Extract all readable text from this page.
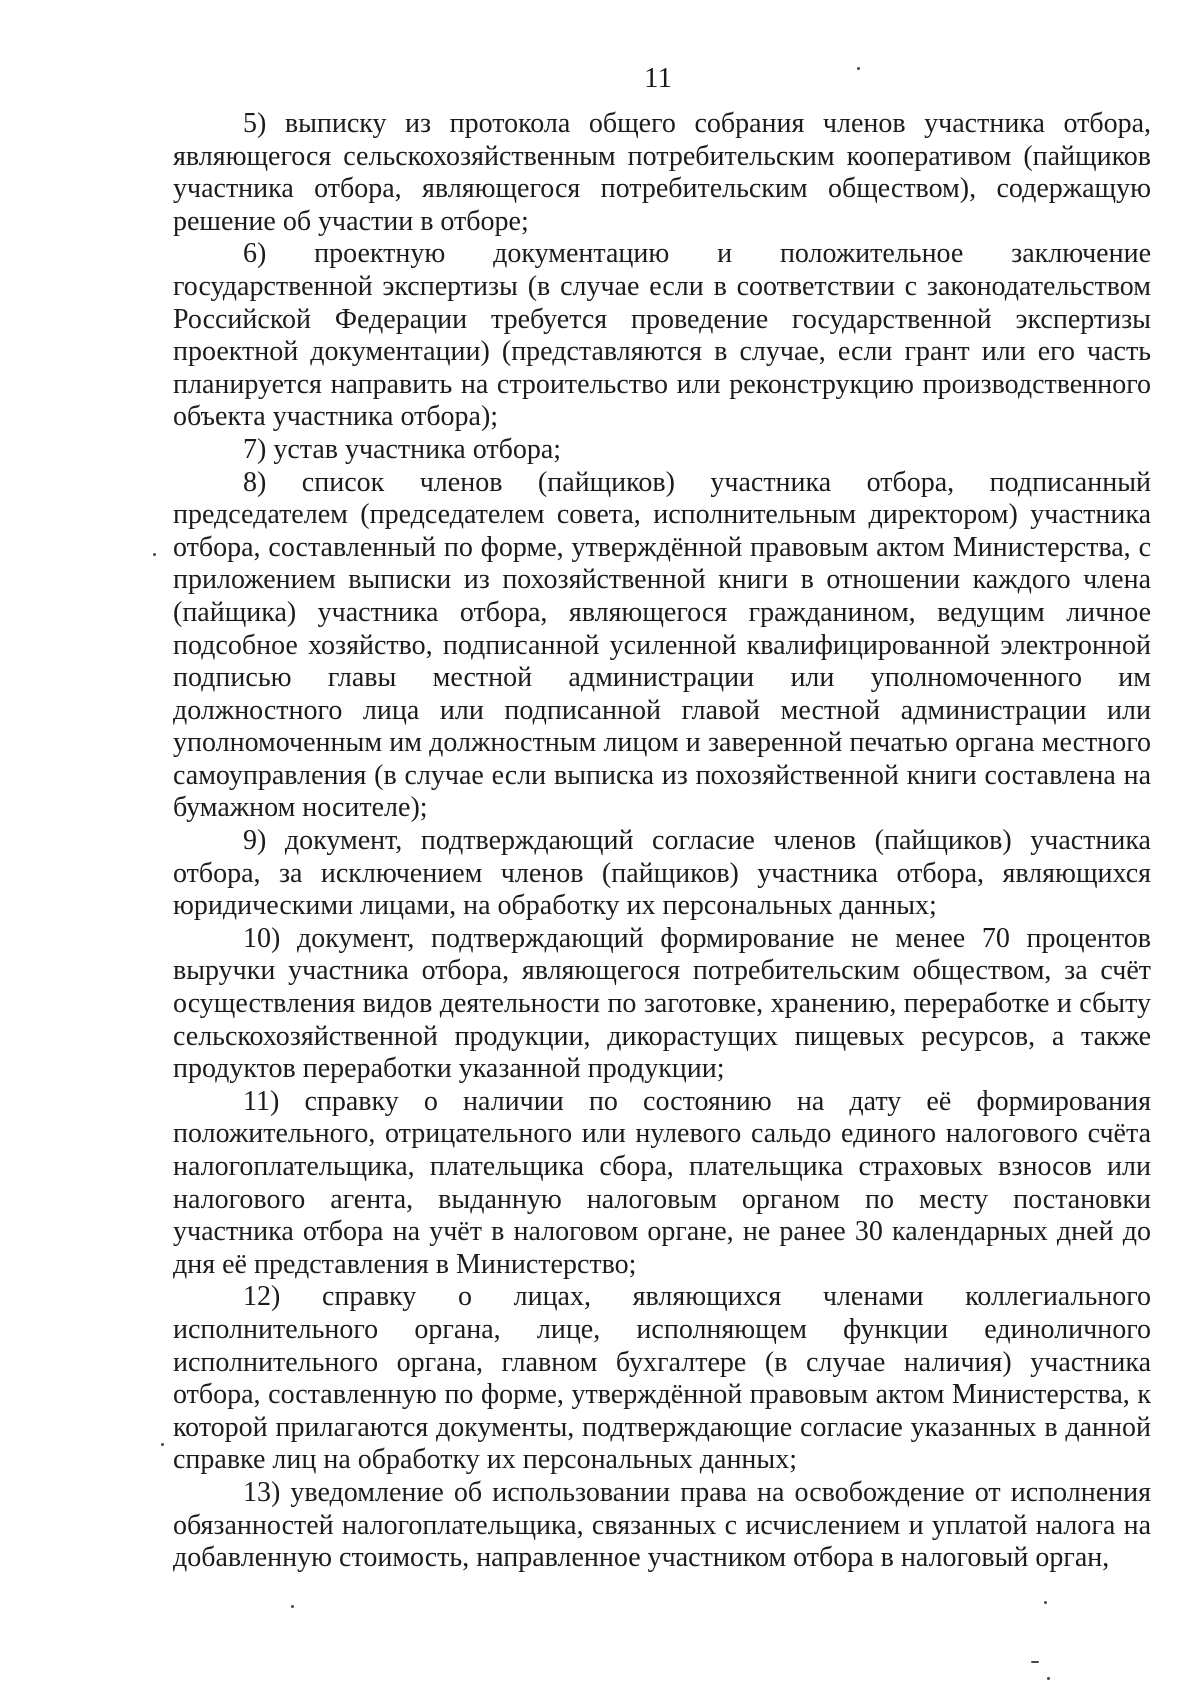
11

5) выписку из протокола общего собрания членов участника отбора, являющегося сельскохозяйственным потребительским кооперативом (пайщиков участника отбора, являющегося потребительским обществом), содержащую решение об участии в отборе;

6) проектную документацию и положительное заключение государственной экспертизы (в случае если в соответствии с законодательством Российской Федерации требуется проведение государственной экспертизы проектной документации) (представляются в случае, если грант или его часть планируется направить на строительство или реконструкцию производственного объекта участника отбора);

7) устав участника отбора;

8) список членов (пайщиков) участника отбора, подписанный председателем (председателем совета, исполнительным директором) участника отбора, составленный по форме, утверждённой правовым актом Министерства, с приложением выписки из похозяйственной книги в отношении каждого члена (пайщика) участника отбора, являющегося гражданином, ведущим личное подсобное хозяйство, подписанной усиленной квалифицированной электронной подписью главы местной администрации или уполномоченного им должностного лица или подписанной главой местной администрации или уполномоченным им должностным лицом и заверенной печатью органа местного самоуправления (в случае если выписка из похозяйственной книги составлена на бумажном носителе);

9) документ, подтверждающий согласие членов (пайщиков) участника отбора, за исключением членов (пайщиков) участника отбора, являющихся юридическими лицами, на обработку их персональных данных;

10) документ, подтверждающий формирование не менее 70 процентов выручки участника отбора, являющегося потребительским обществом, за счёт осуществления видов деятельности по заготовке, хранению, переработке и сбыту сельскохозяйственной продукции, дикорастущих пищевых ресурсов, а также продуктов переработки указанной продукции;

11) справку о наличии по состоянию на дату её формирования положительного, отрицательного или нулевого сальдо единого налогового счёта налогоплательщика, плательщика сбора, плательщика страховых взносов или налогового агента, выданную налоговым органом по месту постановки участника отбора на учёт в налоговом органе, не ранее 30 календарных дней до дня её представления в Министерство;

12) справку о лицах, являющихся членами коллегиального исполнительного органа, лице, исполняющем функции единоличного исполнительного органа, главном бухгалтере (в случае наличия) участника отбора, составленную по форме, утверждённой правовым актом Министерства, к которой прилагаются документы, подтверждающие согласие указанных в данной справке лиц на обработку их персональных данных;

13) уведомление об использовании права на освобождение от исполнения обязанностей налогоплательщика, связанных с исчислением и уплатой налога на добавленную стоимость, направленное участником отбора в налоговый орган,
